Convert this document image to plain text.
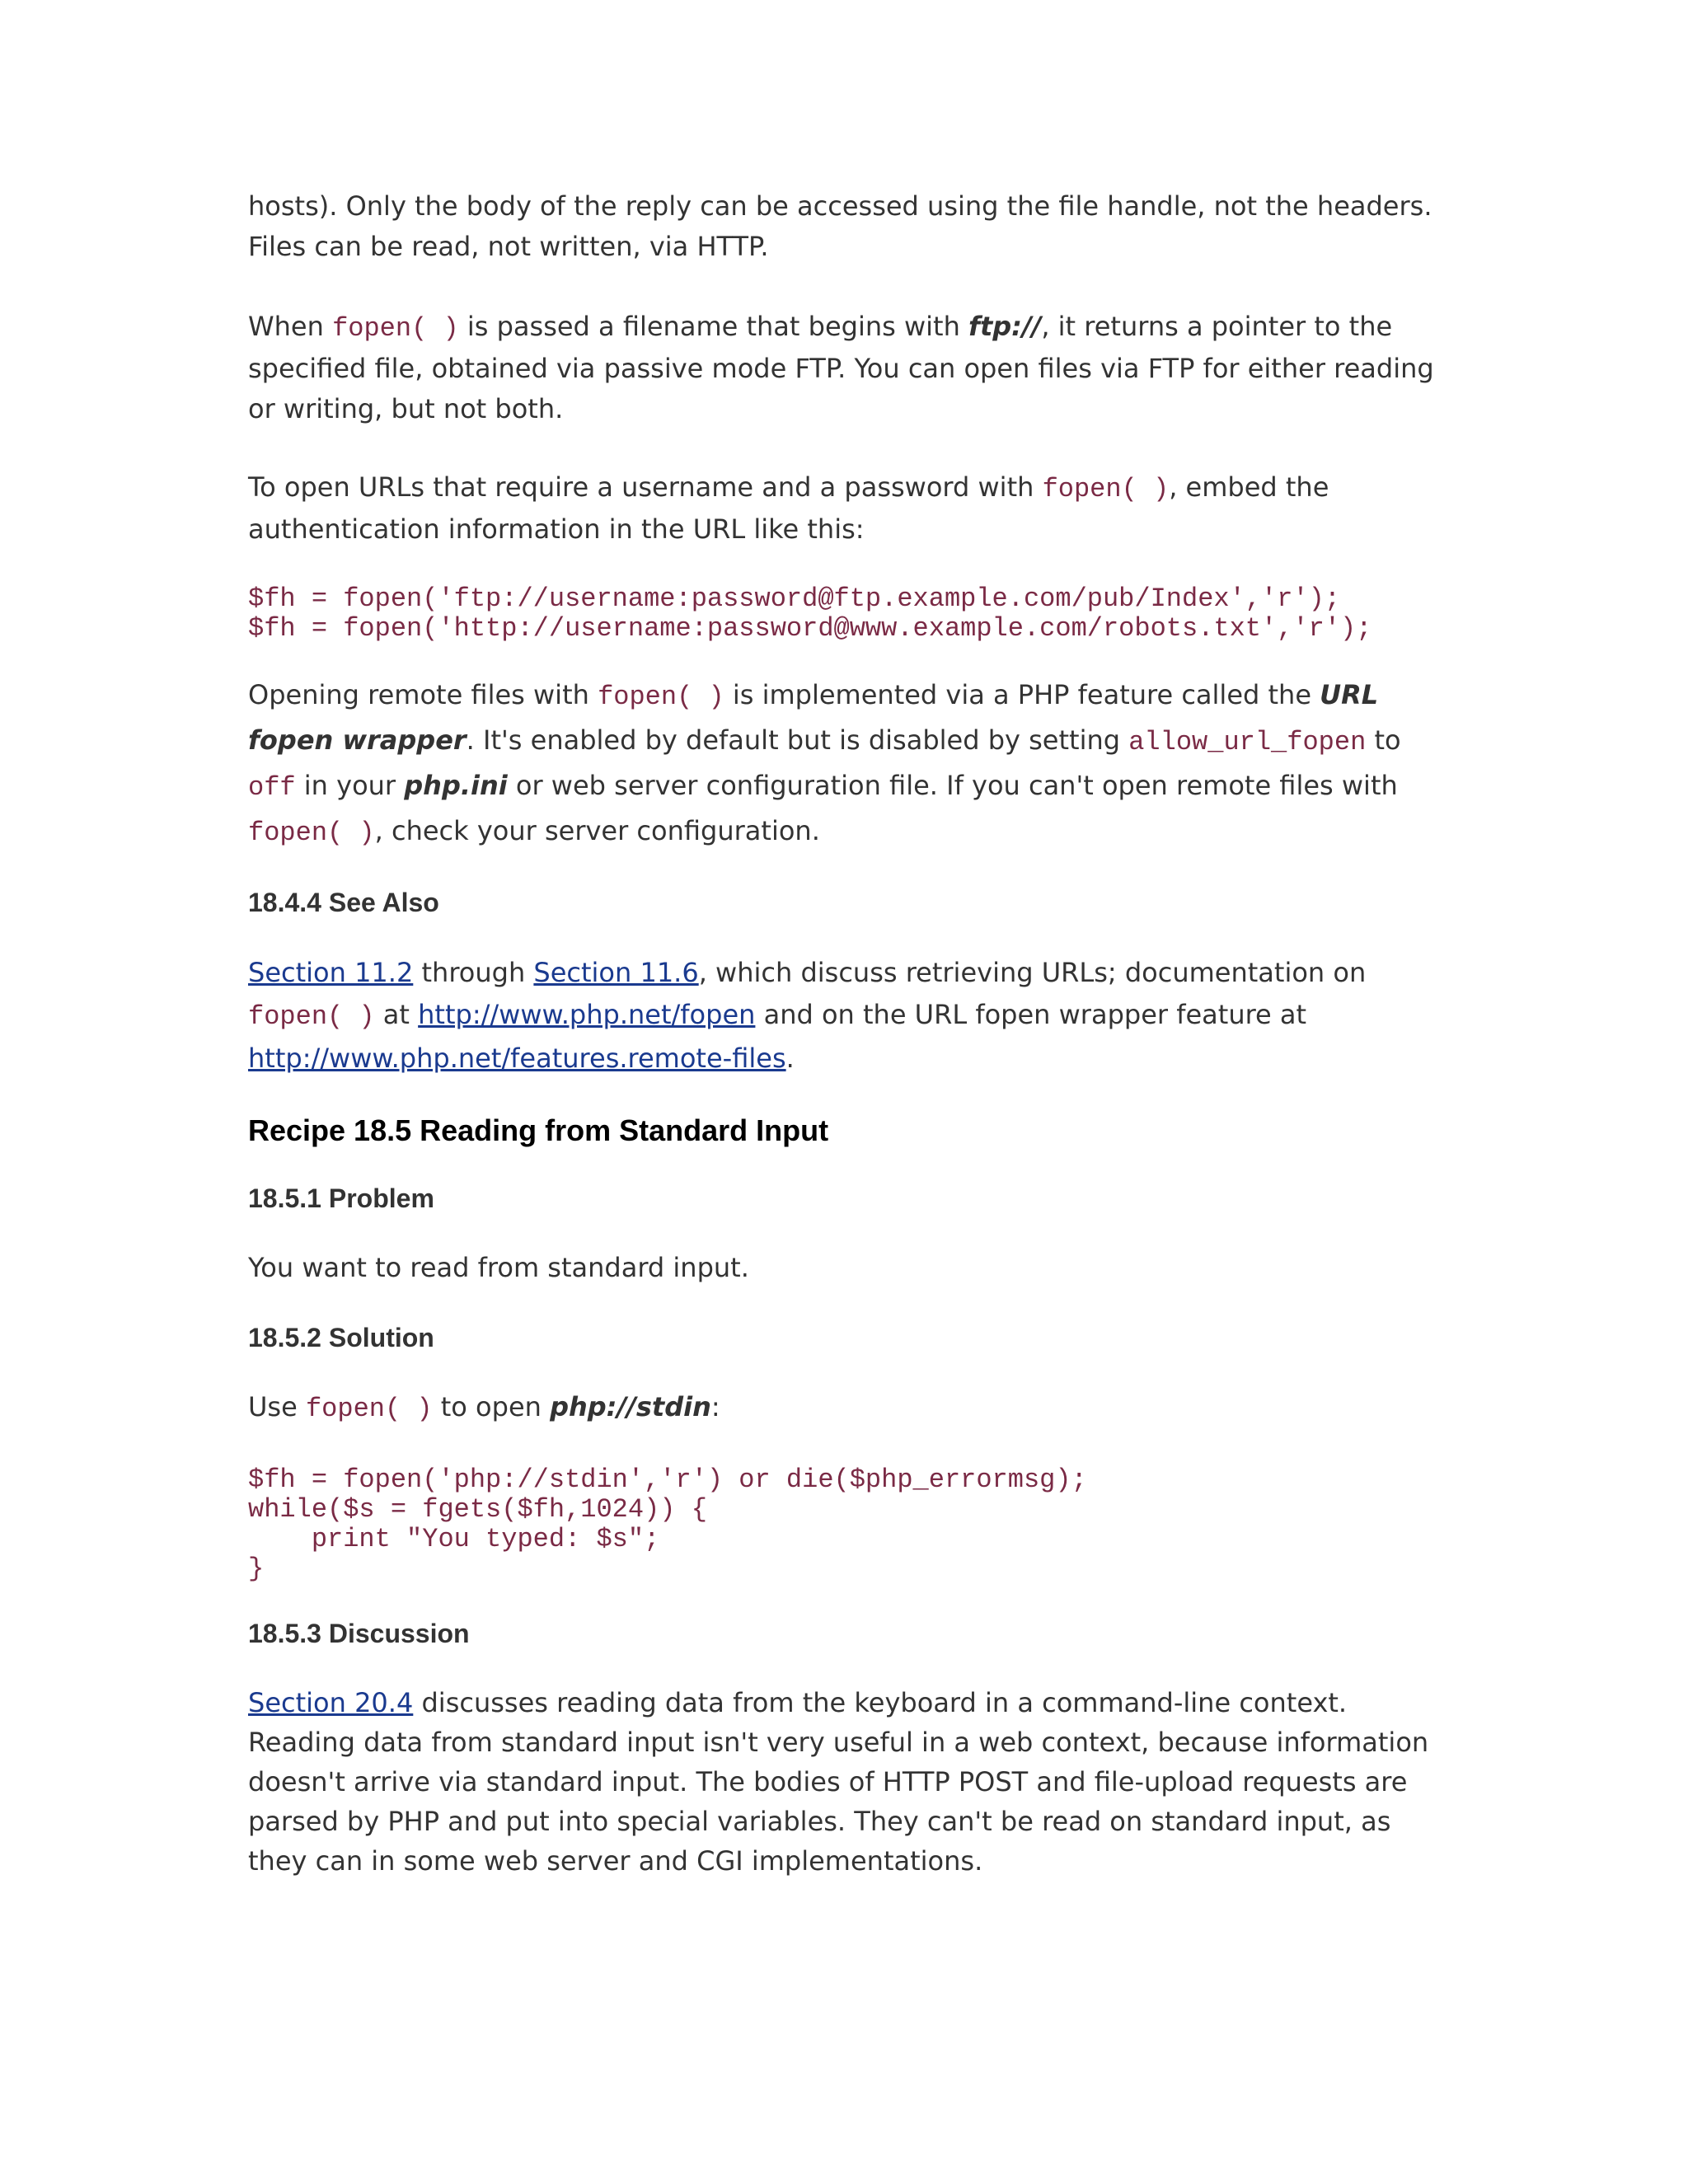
hosts). Only the body of the reply can be accessed using the file handle, not the headers. Files can be read, not written, via HTTP.

When fopen( ) is passed a filename that begins with ftp://, it returns a pointer to the specified file, obtained via passive mode FTP. You can open files via FTP for either reading or writing, but not both.

To open URLs that require a username and a password with fopen( ), embed the authentication information in the URL like this:

$fh = fopen('ftp://username:password@ftp.example.com/pub/Index','r');
$fh = fopen('http://username:password@www.example.com/robots.txt','r');

Opening remote files with fopen( ) is implemented via a PHP feature called the URL fopen wrapper. It's enabled by default but is disabled by setting allow_url_fopen to off in your php.ini or web server configuration file. If you can't open remote files with fopen( ), check your server configuration.

18.4.4 See Also

Section 11.2 through Section 11.6, which discuss retrieving URLs; documentation on fopen( ) at http://www.php.net/fopen and on the URL fopen wrapper feature at http://www.php.net/features.remote-files.

Recipe 18.5 Reading from Standard Input
18.5.1 Problem

You want to read from standard input.

18.5.2 Solution

Use fopen( ) to open php://stdin:

$fh = fopen('php://stdin','r') or die($php_errormsg);
while($s = fgets($fh,1024)) {
print "You typed: $s";
}
18.5.3 Discussion

Section 20.4 discusses reading data from the keyboard in a command-line context. Reading data from standard input isn't very useful in a web context, because information doesn't arrive via standard input. The bodies of HTTP POST and file-upload requests are parsed by PHP and put into special variables. They can't be read on standard input, as they can in some web server and CGI implementations.
